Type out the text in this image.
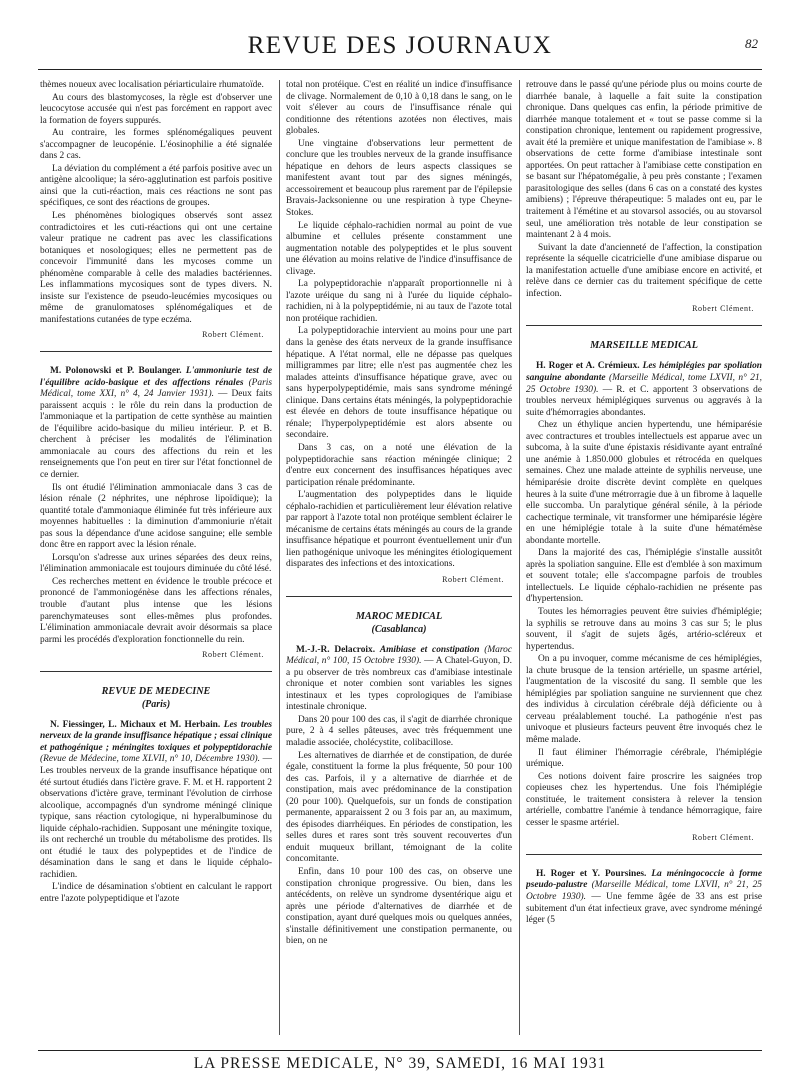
REVUE DES JOURNAUX	82

thèmes noueux avec localisation périarticulaire rhumatoïde.

Au cours des blastomycoses, la règle est d'observer une leucocytose accusée qui n'est pas forcément en rapport avec la formation de foyers suppurés.

Au contraire, les formes splénomégaliques peuvent s'accompagner de leucopénie. L'éosinophilie a été signalée dans 2 cas.

La déviation du complément a été parfois positive avec un antigène alcoolique; la séro-agglutination est parfois positive ainsi que la cuti-réaction, mais ces réactions ne sont pas spécifiques, ce sont des réactions de groupes.

Les phénomènes biologiques observés sont assez contradictoires et les cuti-réactions qui ont une certaine valeur pratique ne cadrent pas avec les classifications botaniques et nosologiques; elles ne permettent pas de concevoir l'immunité dans les mycoses comme un phénomène comparable à celle des maladies bactériennes. Les inflammations mycosiques sont de types divers. N. insiste sur l'existence de pseudo-leucémies mycosiques ou même de granulomatoses splénomégaliques et de manifestations cutanées de type eczéma.

Robert Clément.

M. Polonowski et P. Boulanger. L'ammoniurie test de l'équilibre acido-basique et des affections rénales (Paris Médical, tome XXI, n° 4, 24 Janvier 1931). — Deux faits paraissent acquis : le rôle du rein dans la production de l'ammoniaque et la partipation de cette synthèse au maintien de l'équilibre acido-basique du milieu intérieur. P. et B. cherchent à préciser les modalités de l'élimination ammoniacale au cours des affections du rein et les renseignements que l'on peut en tirer sur l'état fonctionnel de ce dernier.

Ils ont étudié l'élimination ammoniacale dans 3 cas de lésion rénale (2 néphrites, une néphrose lipoïdique); la quantité totale d'ammoniaque éliminée fut très inférieure aux moyennes habituelles : la diminution d'ammoniurie n'était pas sous la dépendance d'une acidose sanguine; elle semble donc être en rapport avec la lésion rénale.

Lorsqu'on s'adresse aux urines séparées des deux reins, l'élimination ammoniacale est toujours diminuée du côté lésé.

Ces recherches mettent en évidence le trouble précoce et prononcé de l'ammoniogénèse dans les affections rénales, trouble d'autant plus intense que les lésions parenchymateuses sont elles-mêmes plus profondes. L'élimination ammoniacale devrait avoir désormais sa place parmi les procédés d'exploration fonctionnelle du rein.

Robert Clément.
REVUE DE MEDECINE
(Paris)

N. Fiessinger, L. Michaux et M. Herbain. Les troubles nerveux de la grande insuffisance hépatique ; essai clinique et pathogénique ; méningites toxiques et polypeptidorachie (Revue de Médecine, tome XLVII, n° 10, Décembre 1930). — Les troubles nerveux de la grande insuffisance hépatique ont été surtout étudiés dans l'ictère grave. F. M. et H. rapportent 2 observations d'ictère grave, terminant l'évolution de cirrhose alcoolique, accompagnés d'un syndrome méningé clinique typique, sans réaction cytologique, ni hyperalbuminose du liquide céphalo-rachidien. Supposant une méningite toxique, ils ont recherché un trouble du métabolisme des protides. Ils ont étudié le taux des polypeptides et de l'indice de désamination dans le sang et dans le liquide céphalo-rachidien.

L'indice de désamination s'obtient en calculant le rapport entre l'azote polypeptidique et l'azote

total non protéique. C'est en réalité un indice d'insuffisance de clivage. Normalement de 0,10 à 0,18 dans le sang, on le voit s'élever au cours de l'insuffisance rénale qui conditionne des rétentions azotées non électives, mais globales.

Une vingtaine d'observations leur permettent de conclure que les troubles nerveux de la grande insuffisance hépatique en dehors de leurs aspects classiques se manifestent avant tout par des signes méningés, accessoirement et beaucoup plus rarement par de l'épilepsie Bravais-Jacksonienne ou une respiration à type Cheyne-Stokes.

Le liquide céphalo-rachidien normal au point de vue albumine et cellules présente constamment une augmentation notable des polypeptides et le plus souvent une élévation au moins relative de l'indice d'insuffisance de clivage.

La polypeptidorachie n'apparaît proportionnelle ni à l'azote uréique du sang ni à l'urée du liquide céphalo-rachidien, ni à la polypeptidémie, ni au taux de l'azote total non protéique rachidien.

La polypeptidorachie intervient au moins pour une part dans la genèse des états nerveux de la grande insuffisance hépatique. A l'état normal, elle ne dépasse pas quelques milligrammes par litre; elle n'est pas augmentée chez les malades atteints d'insuffisance hépatique grave, avec ou sans hyperpolypeptidémie, mais sans syndrome méningé clinique. Dans certains états méningés, la polypeptidorachie est élevée en dehors de toute insuffisance hépatique ou rénale; l'hyperpolypeptidémie est alors absente ou secondaire.

Dans 3 cas, on a noté une élévation de la polypeptidorachie sans réaction méningée clinique; 2 d'entre eux concernent des insuffisances hépatiques avec participation rénale prédominante.

L'augmentation des polypeptides dans le liquide céphalo-rachidien et particulièrement leur élévation relative par rapport à l'azote total non protéique semblent éclairer le mécanisme de certains états méningés au cours de la grande insuffisance hépatique et pourront éventuellement unir d'un lien pathogénique univoque les méningites étiologiquement disparates des infections et des intoxications.

Robert Clément.
MAROC MEDICAL
(Casablanca)

M.-J.-R. Delacroix. Amibiase et constipation (Maroc Médical, n° 100, 15 Octobre 1930). — A Chatel-Guyon, D. a pu observer de très nombreux cas d'amibiase intestinale chronique et noter combien sont variables les signes intestinaux et les types coprologiques de l'amibiase intestinale chronique.

Dans 20 pour 100 des cas, il s'agit de diarrhée chronique pure, 2 à 4 selles pâteuses, avec très fréquemment une maladie associée, cholécystite, colibacillose.

Les alternatives de diarrhée et de constipation, de durée égale, constituent la forme la plus fréquente, 50 pour 100 des cas. Parfois, il y a alternative de diarrhée et de constipation, mais avec prédominance de la constipation (20 pour 100). Quelquefois, sur un fonds de constipation permanente, apparaissent 2 ou 3 fois par an, au maximum, des épisodes diarrhéiques. En périodes de constipation, les selles dures et rares sont très souvent recouvertes d'un enduit muqueux brillant, témoignant de la colite concomitante.

Enfin, dans 10 pour 100 des cas, on observe une constipation chronique progressive. Ou bien, dans les antécédents, on relève un syndrome dysentérique aigu et après une période d'alternatives de diarrhée et de constipation, ayant duré quelques mois ou quelques années, s'installe définitivement une constipation permanente, ou bien, on ne

retrouve dans le passé qu'une période plus ou moins courte de diarrhée banale, à laquelle a fait suite la constipation chronique. Dans quelques cas enfin, la période primitive de diarrhée manque totalement et « tout se passe comme si la constipation chronique, lentement ou rapidement progressive, avait été la première et unique manifestation de l'amibiase ». 8 observations de cette forme d'amibiase intestinale sont apportées. On peut rattacher à l'amibiase cette constipation en se basant sur l'hépatomégalie, à peu près constante ; l'examen parasitologique des selles (dans 6 cas on a constaté des kystes amibiens) ; l'épreuve thérapeutique: 5 malades ont eu, par le traitement à l'émétine et au stovarsol associés, ou au stovarsol seul, une amélioration très notable de leur constipation se maintenant 2 à 4 mois.

Suivant la date d'ancienneté de l'affection, la constipation représente la séquelle cicatricielle d'une amibiase disparue ou la manifestation actuelle d'une amibiase encore en activité, et relève dans ce dernier cas du traitement spécifique de cette infection.

Robert Clément.
MARSEILLE MEDICAL

H. Roger et A. Crémieux. Les hémiplégies par spoliation sanguine abondante (Marseille Médical, tome LXVII, n° 21, 25 Octobre 1930). — R. et C. apportent 3 observations de troubles nerveux hémiplégiques survenus ou aggravés à la suite d'hémorragies abondantes.

Chez un éthylique ancien hypertendu, une hémiparésie avec contractures et troubles intellectuels est apparue avec un subcoma, à la suite d'une épistaxis résidivante ayant entraîné une anémie à 1.850.000 globules et rétrocéda en quelques semaines. Chez une malade atteinte de syphilis nerveuse, une hémiparésie droite discrète devint complète en quelques heures à la suite d'une métrorragie due à un fibrome à laquelle elle succomba. Un paralytique général sénile, à la période cachectique terminale, vit transformer une hémiparésie légère en une hémiplégie totale à la suite d'une hématémèse abondante mortelle.

Dans la majorité des cas, l'hémiplégie s'installe aussitôt après la spoliation sanguine. Elle est d'emblée à son maximum et souvent totale; elle s'accompagne parfois de troubles intellectuels. Le liquide céphalo-rachidien ne présente pas d'hypertension.

Toutes les hémorragies peuvent être suivies d'hémiplégie; la syphilis se retrouve dans au moins 3 cas sur 5; le plus souvent, il s'agit de sujets âgés, artério-scléreux et hypertendus.

On a pu invoquer, comme mécanisme de ces hémiplégies, la chute brusque de la tension artérielle, un spasme artériel, l'augmentation de la viscosité du sang. Il semble que les hémiplégies par spoliation sanguine ne surviennent que chez des individus à circulation cérébrale déjà déficiente ou à cerveau préalablement touché. La pathogénie n'est pas univoque et plusieurs facteurs peuvent être invoqués chez le même malade.

Il faut éliminer l'hémorragie cérébrale, l'hémiplégie urémique.

Ces notions doivent faire proscrire les saignées trop copieuses chez les hypertendus. Une fois l'hémiplégie constituée, le traitement consistera à relever la tension artérielle, combattre l'anémie à tendance hémorragique, faire cesser le spasme artériel.

Robert Clément.

H. Roger et Y. Poursines. La méningococcie à forme pseudo-palustre (Marseille Médical, tome LXVII, n° 21, 25 Octobre 1930). — Une femme âgée de 33 ans est prise subitement d'un état infectieux grave, avec syndrome méningé léger (5

LA PRESSE MEDICALE, N° 39, SAMEDI, 16 MAI 1931
